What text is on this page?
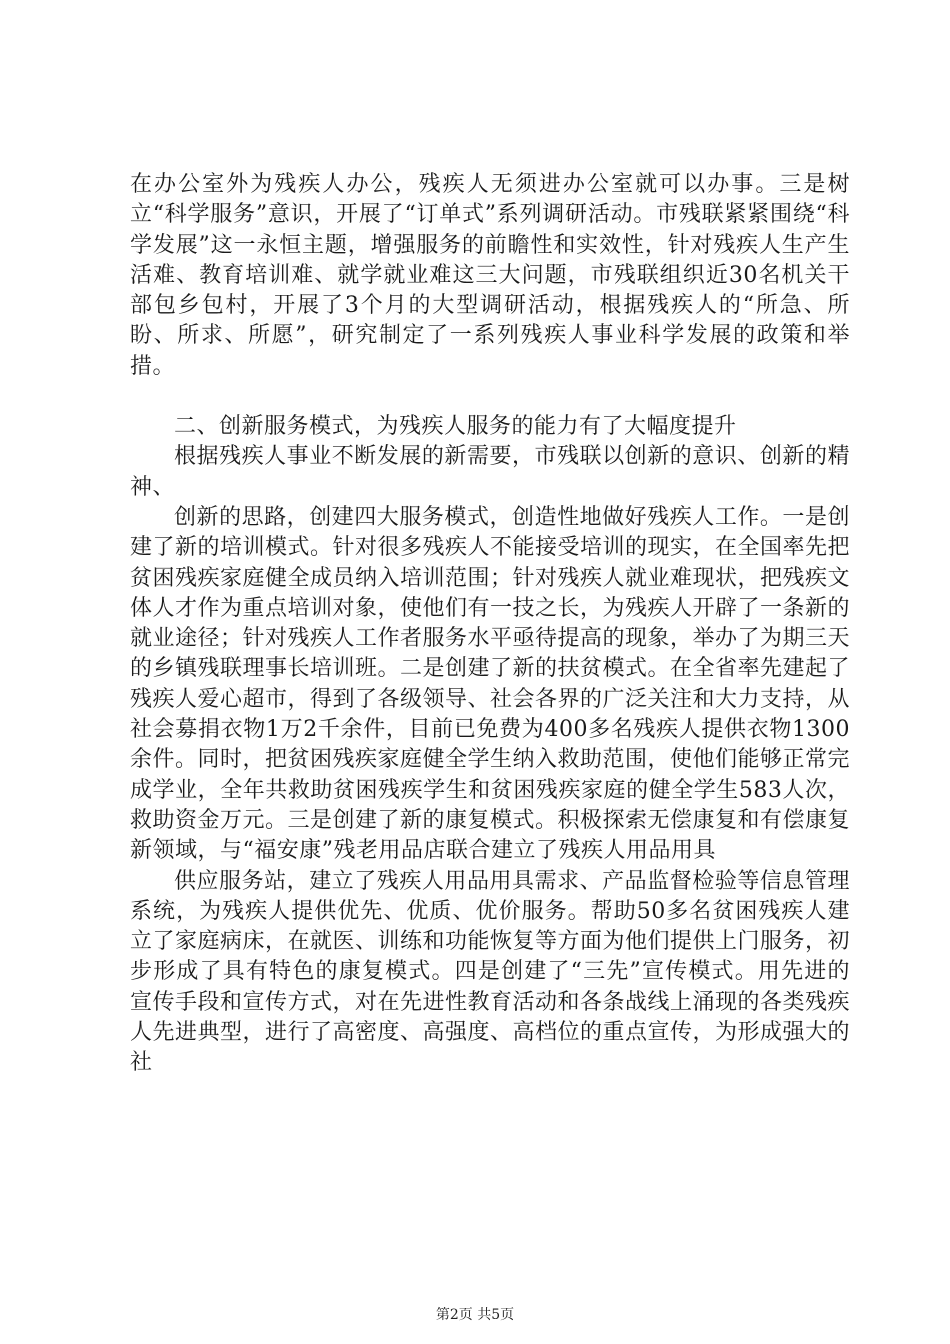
在办公室外为残疾人办公，残疾人无须进办公室就可以办事。三是树立“科学服务”意识，开展了“订单式”系列调研活动。市残联紧紧围绕“科学发展”这一永恒主题，增强服务的前瞻性和实效性，针对残疾人生产生活难、教育培训难、就学就业难这三大问题，市残联组织近30名机关干部包乡包村，开展了3个月的大型调研活动，根据残疾人的“所急、所盼、所求、所愿”，研究制定了一系列残疾人事业科学发展的政策和举措。

二、创新服务模式，为残疾人服务的能力有了大幅度提升

根据残疾人事业不断发展的新需要，市残联以创新的意识、创新的精神、

创新的思路，创建四大服务模式，创造性地做好残疾人工作。一是创建了新的培训模式。针对很多残疾人不能接受培训的现实，在全国率先把贫困残疾家庭健全成员纳入培训范围；针对残疾人就业难现状，把残疾文体人才作为重点培训对象，使他们有一技之长，为残疾人开辟了一条新的就业途径；针对残疾人工作者服务水平亟待提高的现象，举办了为期三天的乡镇残联理事长培训班。二是创建了新的扶贫模式。在全省率先建起了残疾人爱心超市，得到了各级领导、社会各界的广泛关注和大力支持，从社会募捐衣物1万2千余件，目前已免费为400多名残疾人提供衣物1300余件。同时，把贫困残疾家庭健全学生纳入救助范围，使他们能够正常完成学业，全年共救助贫困残疾学生和贫困残疾家庭的健全学生583人次，救助资金万元。三是创建了新的康复模式。积极探索无偿康复和有偿康复新领域，与“福安康”残老用品店联合建立了残疾人用品用具

供应服务站，建立了残疾人用品用具需求、产品监督检验等信息管理系统，为残疾人提供优先、优质、优价服务。帮助50多名贫困残疾人建立了家庭病床，在就医、训练和功能恢复等方面为他们提供上门服务，初步形成了具有特色的康复模式。四是创建了“三先”宣传模式。用先进的宣传手段和宣传方式，对在先进性教育活动和各条战线上涌现的各类残疾人先进典型，进行了高密度、高强度、高档位的重点宣传，为形成强大的社

第2页 共5页
